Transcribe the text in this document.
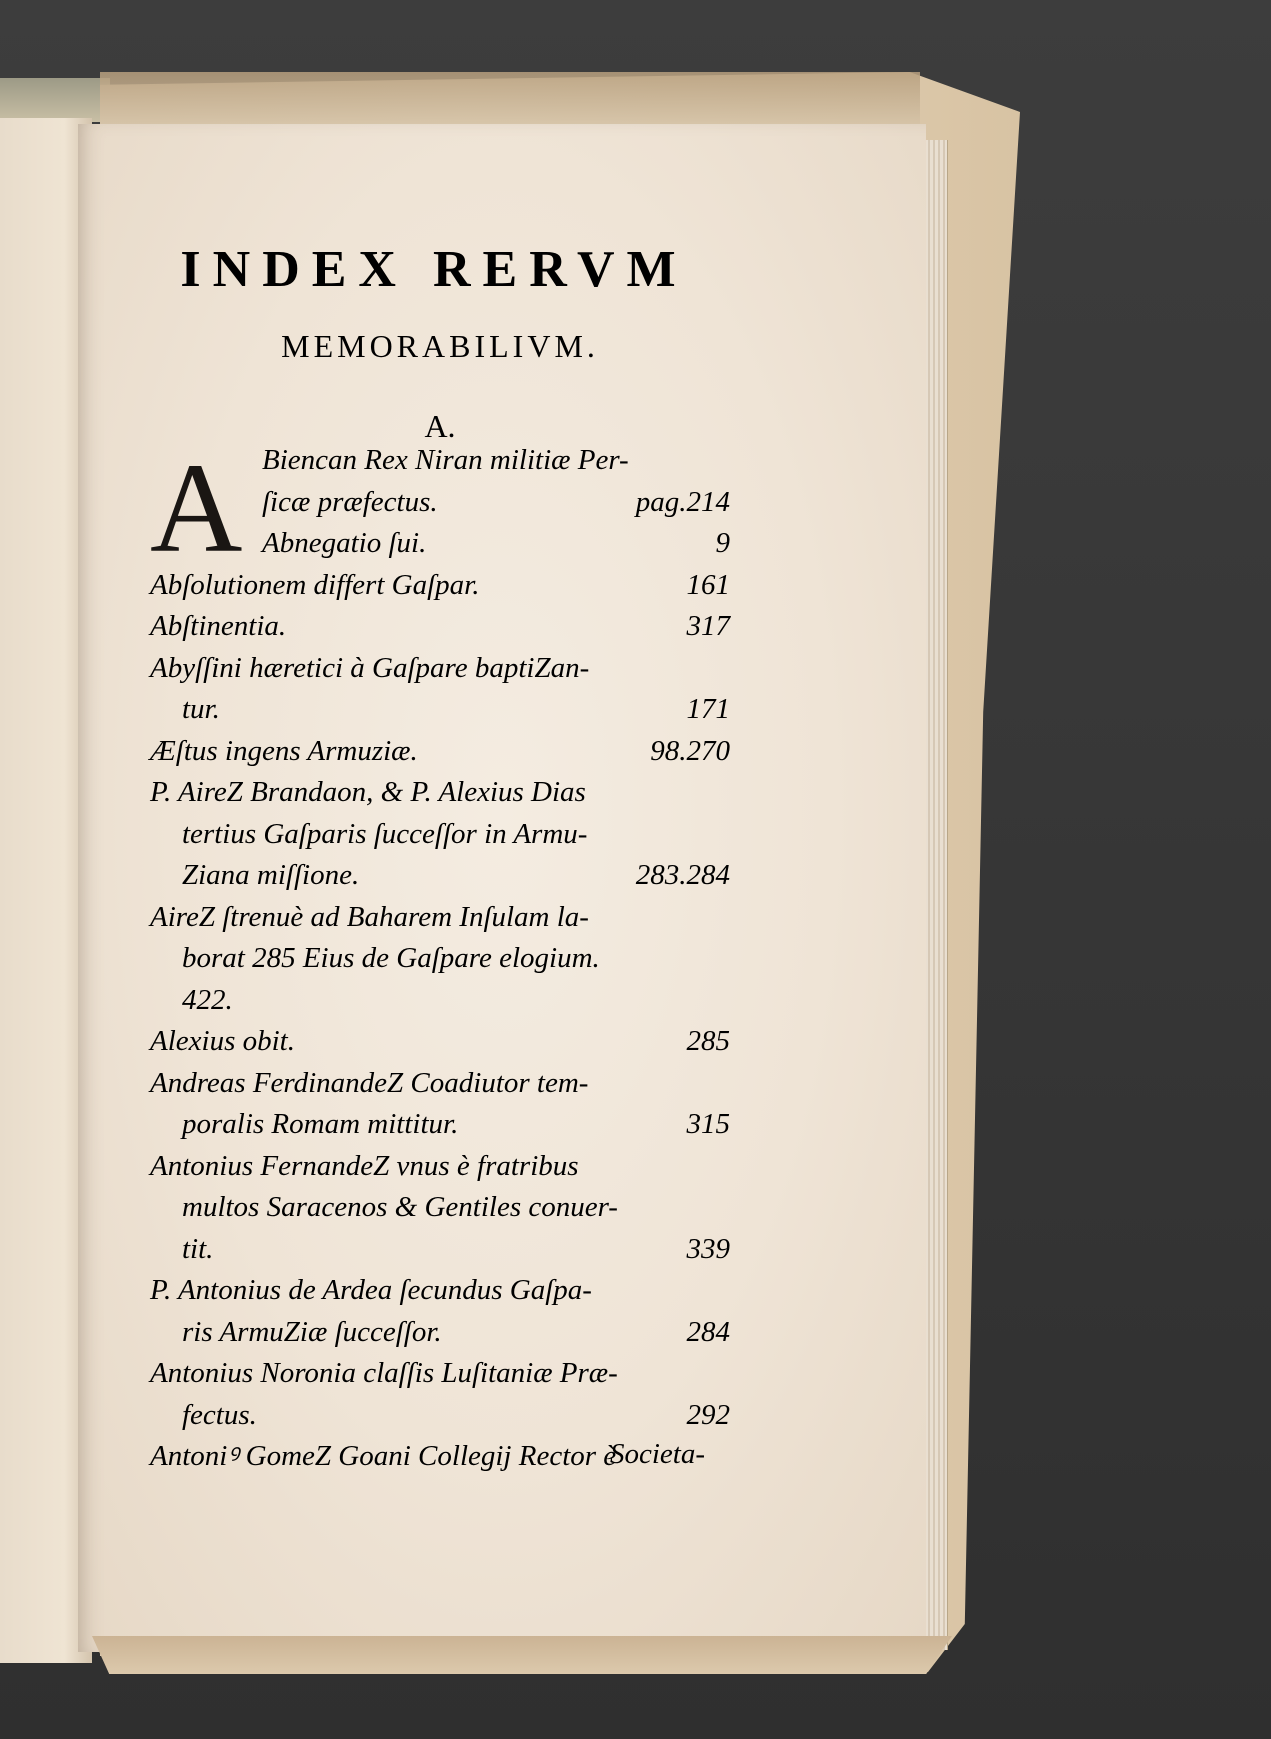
INDEX RERVM
MEMORABILIVM.
A.
A Biencan Rex Niran militiæ Per-
ſicæ præfectus.	pag.214
Abnegatio ſui.	9
Abſolutionem differt Gaſpar.	161
Abſtinentia.	317
Abyſſini hæretici à Gaſpare baptiZan-
tur.	171
Æſtus ingens Armuziæ.	98.270
P. AireZ Brandaon, & P. Alexius Dias
tertius Gaſparis ſucceſſor in Armu-
Ziana miſſione.	283.284
AireZ ſtrenuè ad Baharem Inſulam la-
borat 285 Eius de Gaſpare elogium.
422.
Alexius obit.	285
Andreas FerdinandeZ Coadiutor tem-
poralis Romam mittitur.	315
Antonius FernandeZ vnus è fratribus
multos Saracenos & Gentiles conuer-
tit.	339
P. Antonius de Ardea ſecundus Gaſpa-
ris ArmuZiæ ſucceſſor.	284
Antonius Noronia claſſis Luſitaniæ Præ-
fectus.	292
Antoniꝰ GomeZ Goani Collegij Rector è
Societa-
